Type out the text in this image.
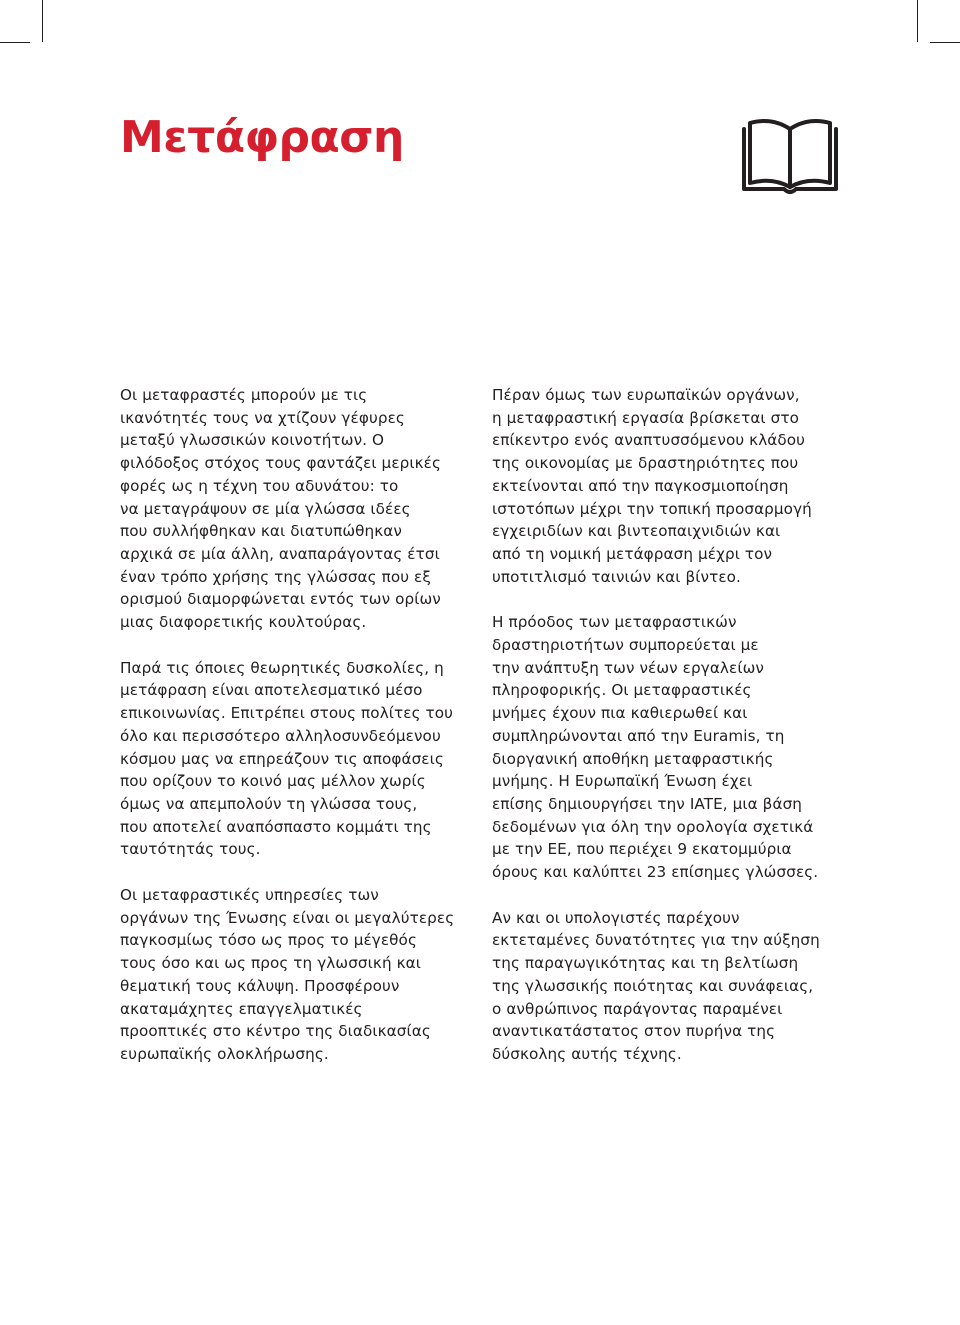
Μετάφραση

Οι μεταφραστές μπορούν με τις
ικανότητές τους να χτίζουν γέφυρες
μεταξύ γλωσσικών κοινοτήτων. Ο
φιλόδοξος στόχος τους φαντάζει μερικές
φορές ως η τέχνη του αδυνάτου: το
να μεταγράψουν σε μία γλώσσα ιδέες
που συλλήφθηκαν και διατυπώθηκαν
αρχικά σε μία άλλη, αναπαράγοντας έτσι
έναν τρόπο χρήσης της γλώσσας που εξ
ορισμού διαμορφώνεται εντός των ορίων
μιας διαφορετικής κουλτούρας.

Παρά τις όποιες θεωρητικές δυσκολίες, η
μετάφραση είναι αποτελεσματικό μέσο
επικοινωνίας. Επιτρέπει στους πολίτες του
όλο και περισσότερο αλληλοσυνδεόμενου
κόσμου μας να επηρεάζουν τις αποφάσεις
που ορίζουν το κοινό μας μέλλον χωρίς
όμως να απεμπολούν τη γλώσσα τους,
που αποτελεί αναπόσπαστο κομμάτι της
ταυτότητάς τους.

Οι μεταφραστικές υπηρεσίες των
οργάνων της Ένωσης είναι οι μεγαλύτερες
παγκοσμίως τόσο ως προς το μέγεθός
τους όσο και ως προς τη γλωσσική και
θεματική τους κάλυψη. Προσφέρουν
ακαταμάχητες επαγγελματικές
προοπτικές στο κέντρο της διαδικασίας
ευρωπαϊκής ολοκλήρωσης.

Πέραν όμως των ευρωπαϊκών οργάνων,
η μεταφραστική εργασία βρίσκεται στο
επίκεντρο ενός αναπτυσσόμενου κλάδου
της οικονομίας με δραστηριότητες που
εκτείνονται από την παγκοσμιοποίηση
ιστοτόπων μέχρι την τοπική προσαρμογή
εγχειριδίων και βιντεοπαιχνιδιών και
από τη νομική μετάφραση μέχρι τον
υποτιτλισμό ταινιών και βίντεο.

Η πρόοδος των μεταφραστικών
δραστηριοτήτων συμπορεύεται με
την ανάπτυξη των νέων εργαλείων
πληροφορικής. Οι μεταφραστικές
μνήμες έχουν πια καθιερωθεί και
συμπληρώνονται από την Euramis, τη
διοργανική αποθήκη μεταφραστικής
μνήμης. Η Ευρωπαϊκή Ένωση έχει
επίσης δημιουργήσει την IATE, μια βάση
δεδομένων για όλη την ορολογία σχετικά
με την ΕΕ, που περιέχει 9 εκατομμύρια
όρους και καλύπτει 23 επίσημες γλώσσες.

Αν και οι υπολογιστές παρέχουν
εκτεταμένες δυνατότητες για την αύξηση
της παραγωγικότητας και τη βελτίωση
της γλωσσικής ποιότητας και συνάφειας,
ο ανθρώπινος παράγοντας παραμένει
αναντικατάστατος στον πυρήνα της
δύσκολης αυτής τέχνης.
